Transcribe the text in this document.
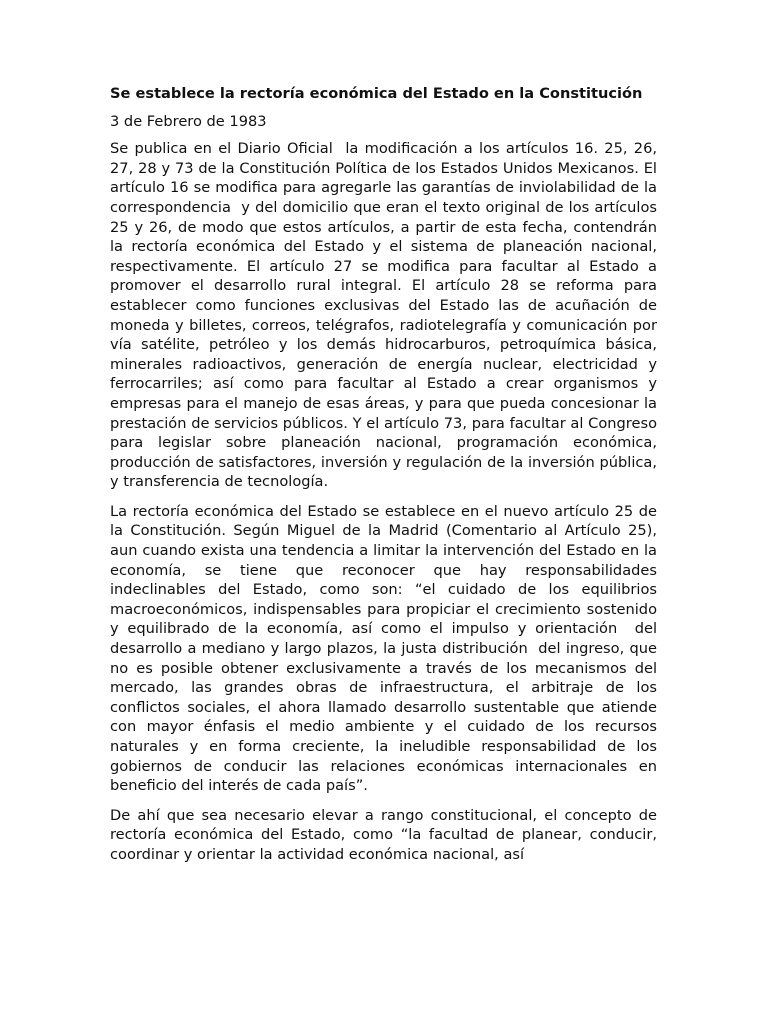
Se establece la rectoría económica del Estado en la Constitución
3 de Febrero de 1983

Se publica en el Diario Oficial  la modificación a los artículos 16. 25, 26, 27, 28 y 73 de la Constitución Política de los Estados Unidos Mexicanos. El artículo 16 se modifica para agregarle las garantías de inviolabilidad de la correspondencia  y del domicilio que eran el texto original de los artículos  25 y 26, de modo que estos artículos, a partir de esta fecha, contendrán la rectoría económica del Estado y el sistema de planeación nacional, respectivamente. El artículo 27 se modifica para facultar al Estado a promover el desarrollo rural integral. El artículo 28 se reforma para establecer como funciones exclusivas del Estado las de acuñación de moneda y billetes, correos, telégrafos, radiotelegrafía y comunicación por vía satélite, petróleo y los demás hidrocarburos, petroquímica básica, minerales radioactivos, generación de energía nuclear, electricidad y ferrocarriles; así como para facultar al Estado a crear organismos y empresas para el manejo de esas áreas, y para que pueda concesionar la prestación de servicios públicos. Y el artículo 73, para facultar al Congreso para legislar sobre planeación nacional, programación económica, producción de satisfactores, inversión y regulación de la inversión pública, y transferencia de tecnología.

La rectoría económica del Estado se establece en el nuevo artículo 25 de la Constitución. Según Miguel de la Madrid (Comentario al Artículo 25), aun cuando exista una tendencia a limitar la intervención del Estado en la economía, se tiene que reconocer que hay responsabilidades indeclinables del Estado, como son: “el cuidado de los equilibrios macroeconómicos, indispensables para propiciar el crecimiento sostenido y equilibrado de la economía, así como el impulso y orientación  del desarrollo a mediano y largo plazos, la justa distribución  del ingreso, que no es posible obtener exclusivamente a través de los mecanismos del mercado, las grandes obras de infraestructura, el arbitraje de los conflictos sociales, el ahora llamado desarrollo sustentable que atiende con mayor énfasis el medio ambiente y el cuidado de los recursos naturales y en forma creciente, la ineludible responsabilidad de los gobiernos de conducir las relaciones económicas internacionales en beneficio del interés de cada país”.

De ahí que sea necesario elevar a rango constitucional, el concepto de rectoría económica del Estado, como “la facultad de planear, conducir, coordinar y orientar la actividad económica nacional, así
